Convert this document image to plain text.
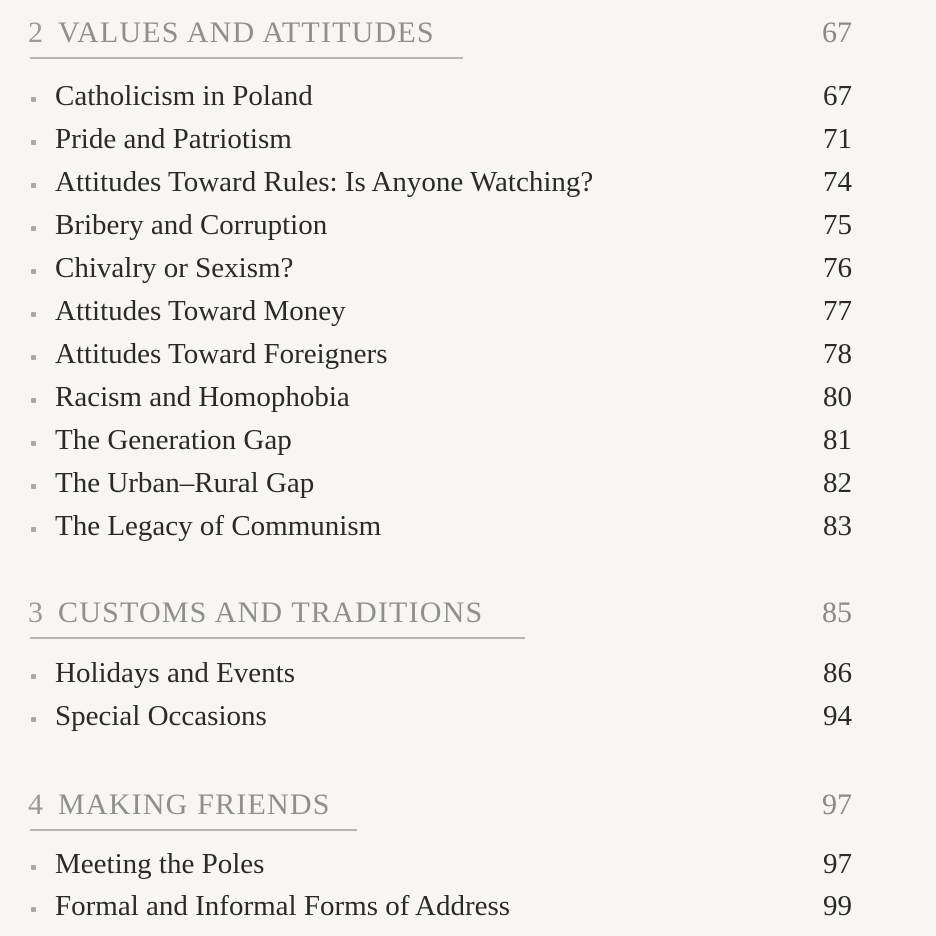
2 VALUES AND ATTITUDES	67
Catholicism in Poland	67
Pride and Patriotism	71
Attitudes Toward Rules: Is Anyone Watching?	74
Bribery and Corruption	75
Chivalry or Sexism?	76
Attitudes Toward Money	77
Attitudes Toward Foreigners	78
Racism and Homophobia	80
The Generation Gap	81
The Urban–Rural Gap	82
The Legacy of Communism	83
3 CUSTOMS AND TRADITIONS	85
Holidays and Events	86
Special Occasions	94
4 MAKING FRIENDS	97
Meeting the Poles	97
Formal and Informal Forms of Address	99
